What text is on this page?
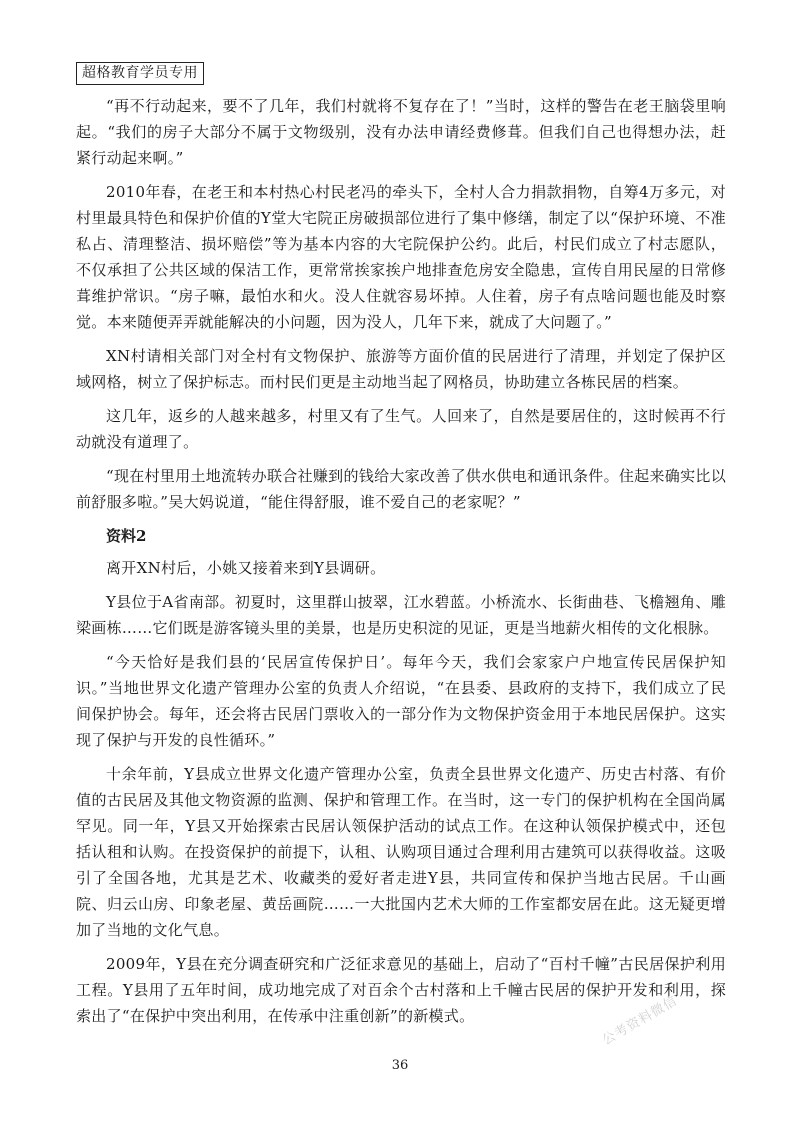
超格教育学员专用

“再不行动起来，要不了几年，我们村就将不复存在了！”当时，这样的警告在老王脑袋里响起。“我们的房子大部分不属于文物级别，没有办法申请经费修葺。但我们自己也得想办法，赶紧行动起来啊。”

2010年春，在老王和本村热心村民老冯的牵头下，全村人合力捐款捐物，自筹4万多元，对村里最具特色和保护价值的Y堂大宅院正房破损部位进行了集中修缮，制定了以“保护环境、不准私占、清理整洁、损坏赔偿”等为基本内容的大宅院保护公约。此后，村民们成立了村志愿队，不仅承担了公共区域的保洁工作，更常常挨家挨户地排查危房安全隐患，宣传自用民屋的日常修葺维护常识。“房子嘛，最怕水和火。没人住就容易坏掉。人住着，房子有点啥问题也能及时察觉。本来随便弄弄就能解决的小问题，因为没人，几年下来，就成了大问题了。”

XN村请相关部门对全村有文物保护、旅游等方面价值的民居进行了清理，并划定了保护区域网格，树立了保护标志。而村民们更是主动地当起了网格员，协助建立各栋民居的档案。

这几年，返乡的人越来越多，村里又有了生气。人回来了，自然是要居住的，这时候再不行动就没有道理了。

“现在村里用土地流转办联合社赚到的钱给大家改善了供水供电和通讯条件。住起来确实比以前舒服多啦。”吴大妈说道，“能住得舒服，谁不爱自己的老家呢？”

资料2

离开XN村后，小姚又接着来到Y县调研。

Y县位于A省南部。初夏时，这里群山披翠，江水碧蓝。小桥流水、长街曲巷、飞檐翘角、雕梁画栋……它们既是游客镜头里的美景，也是历史积淀的见证，更是当地薪火相传的文化根脉。

“今天恰好是我们县的‘民居宣传保护日’。每年今天，我们会家家户户地宣传民居保护知识。”当地世界文化遗产管理办公室的负责人介绍说，“在县委、县政府的支持下，我们成立了民间保护协会。每年，还会将古民居门票收入的一部分作为文物保护资金用于本地民居保护。这实现了保护与开发的良性循环。”

十余年前，Y县成立世界文化遗产管理办公室，负责全县世界文化遗产、历史古村落、有价值的古民居及其他文物资源的监测、保护和管理工作。在当时，这一专门的保护机构在全国尚属罕见。同一年，Y县又开始探索古民居认领保护活动的试点工作。在这种认领保护模式中，还包括认租和认购。在投资保护的前提下，认租、认购项目通过合理利用古建筑可以获得收益。这吸引了全国各地，尤其是艺术、收藏类的爱好者走进Y县，共同宣传和保护当地古民居。千山画院、归云山房、印象老屋、黄岳画院……一大批国内艺术大师的工作室都安居在此。这无疑更增加了当地的文化气息。

2009年，Y县在充分调查研究和广泛征求意见的基础上，启动了“百村千幢”古民居保护利用工程。Y县用了五年时间，成功地完成了对百余个古村落和上千幢古民居的保护开发和利用，探索出了“在保护中突出利用，在传承中注重创新”的新模式。	公考资料微信
36
